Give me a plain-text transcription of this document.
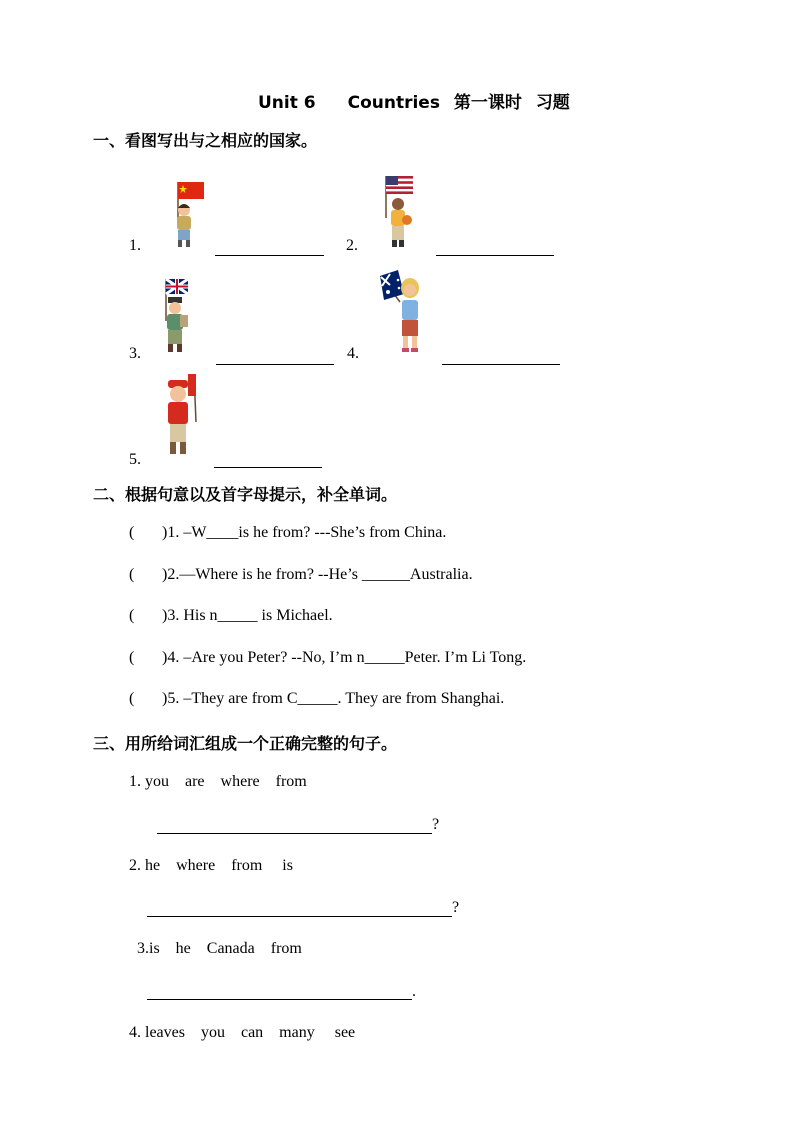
Unit 6 Countries 第一课时 习题
一、看图写出与之相应的国家。
1.	2.
3.	4.
5.
二、根据句意以及首字母提示，补全单词。
( )1. –W____is he from? ---She’s from China.
( )2.—Where is he from? --He’s ______Australia.
( )3. His n_____ is Michael.
( )4. –Are you Peter? --No, I’m n_____Peter. I’m Li Tong.
( )5. –They are from C_____. They are from Shanghai.
三、用所给词汇组成一个正确完整的句子。
1. you    are    where    from
?
2. he    where    from     is
?
3.is    he    Canada    from
.
4. leaves    you    can    many     see
